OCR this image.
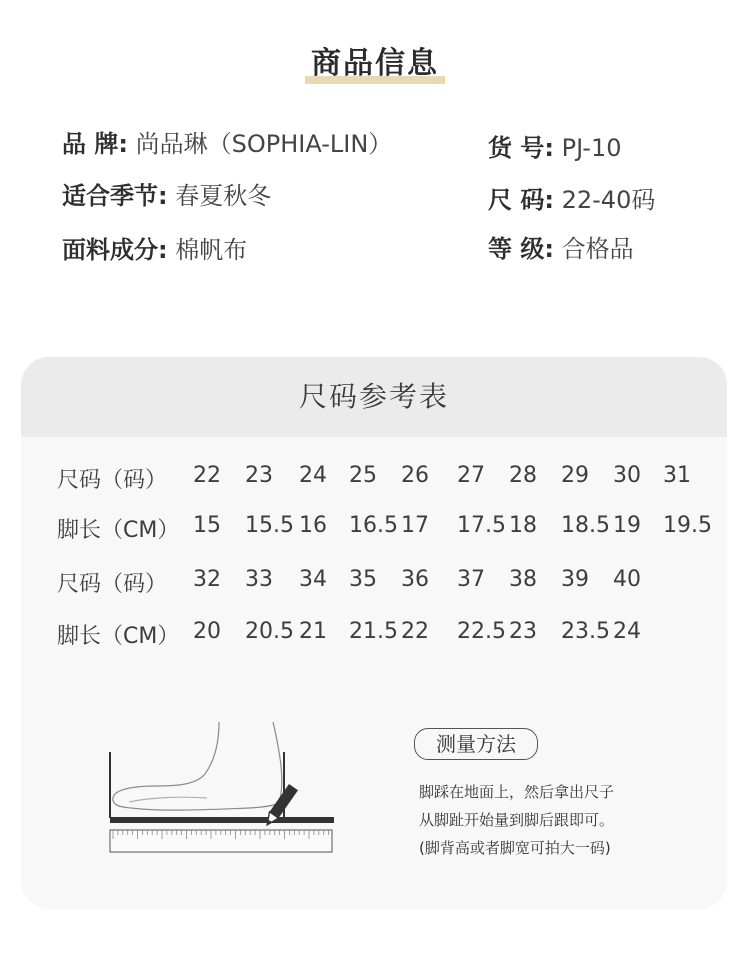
商品信息
品 牌: 尚品琳（SOPHIA-LIN）
适合季节: 春夏秋冬
面料成分: 棉帆布
货 号: PJ-10
尺 码: 22-40码
等 级: 合格品
尺码参考表
尺码（码） 22 23 24 25 26 27 28 29 30 31
脚长（CM） 15 15.5 16 16.5 17 17.5 18 18.5 19 19.5
尺码（码） 32 33 34 35 36 37 38 39 40
脚长（CM） 20 20.5 21 21.5 22 22.5 23 23.5 24
测量方法
脚踩在地面上，然后拿出尺子
从脚趾开始量到脚后跟即可。
(脚背高或者脚宽可拍大一码)
